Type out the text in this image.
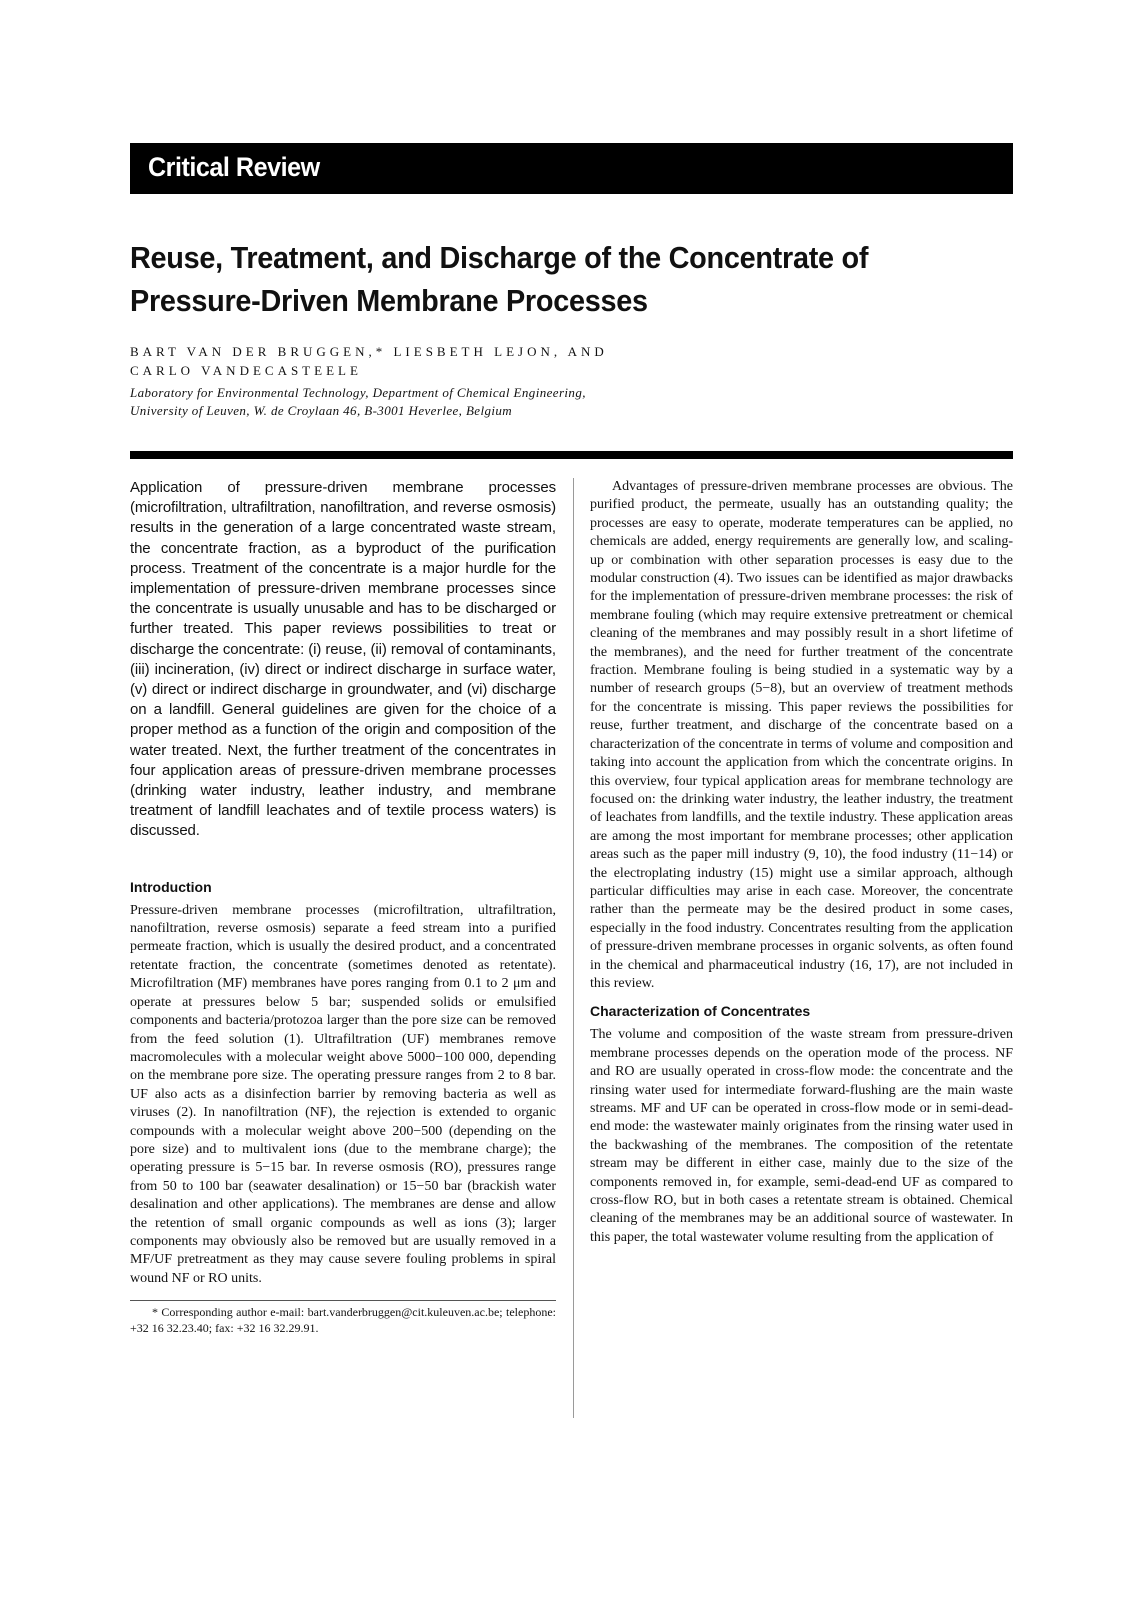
Critical Review
Reuse, Treatment, and Discharge of the Concentrate of
Pressure-Driven Membrane Processes
BART VAN DER BRUGGEN,* LIESBETH LEJON, AND
CARLO VANDECASTEELE
Laboratory for Environmental Technology, Department of Chemical Engineering,
University of Leuven, W. de Croylaan 46, B-3001 Heverlee, Belgium

Application of pressure-driven membrane processes (microfiltration, ultrafiltration, nanofiltration, and reverse osmosis) results in the generation of a large concentrated waste stream, the concentrate fraction, as a byproduct of the purification process. Treatment of the concentrate is a major hurdle for the implementation of pressure-driven membrane processes since the concentrate is usually unusable and has to be discharged or further treated. This paper reviews possibilities to treat or discharge the concentrate: (i) reuse, (ii) removal of contaminants, (iii) incineration, (iv) direct or indirect discharge in surface water, (v) direct or indirect discharge in groundwater, and (vi) discharge on a landfill. General guidelines are given for the choice of a proper method as a function of the origin and composition of the water treated. Next, the further treatment of the concentrates in four application areas of pressure-driven membrane processes (drinking water industry, leather industry, and membrane treatment of landfill leachates and of textile process waters) is discussed.

Introduction

Pressure-driven membrane processes (microfiltration, ultrafiltration, nanofiltration, reverse osmosis) separate a feed stream into a purified permeate fraction, which is usually the desired product, and a concentrated retentate fraction, the concentrate (sometimes denoted as retentate). Microfiltration (MF) membranes have pores ranging from 0.1 to 2 μm and operate at pressures below 5 bar; suspended solids or emulsified components and bacteria/protozoa larger than the pore size can be removed from the feed solution (1). Ultrafiltration (UF) membranes remove macromolecules with a molecular weight above 5000−100 000, depending on the membrane pore size. The operating pressure ranges from 2 to 8 bar. UF also acts as a disinfection barrier by removing bacteria as well as viruses (2). In nanofiltration (NF), the rejection is extended to organic compounds with a molecular weight above 200−500 (depending on the pore size) and to multivalent ions (due to the membrane charge); the operating pressure is 5−15 bar. In reverse osmosis (RO), pressures range from 50 to 100 bar (seawater desalination) or 15−50 bar (brackish water desalination and other applications). The membranes are dense and allow the retention of small organic compounds as well as ions (3); larger components may obviously also be removed but are usually removed in a MF/UF pretreatment as they may cause severe fouling problems in spiral wound NF or RO units.

* Corresponding author e-mail: bart.vanderbruggen@cit.kuleuven.ac.be; telephone: +32 16 32.23.40; fax: +32 16 32.29.91.

Advantages of pressure-driven membrane processes are obvious. The purified product, the permeate, usually has an outstanding quality; the processes are easy to operate, moderate temperatures can be applied, no chemicals are added, energy requirements are generally low, and scaling-up or combination with other separation processes is easy due to the modular construction (4). Two issues can be identified as major drawbacks for the implementation of pressure-driven membrane processes: the risk of membrane fouling (which may require extensive pretreatment or chemical cleaning of the membranes and may possibly result in a short lifetime of the membranes), and the need for further treatment of the concentrate fraction. Membrane fouling is being studied in a systematic way by a number of research groups (5−8), but an overview of treatment methods for the concentrate is missing. This paper reviews the possibilities for reuse, further treatment, and discharge of the concentrate based on a characterization of the concentrate in terms of volume and composition and taking into account the application from which the concentrate origins. In this overview, four typical application areas for membrane technology are focused on: the drinking water industry, the leather industry, the treatment of leachates from landfills, and the textile industry. These application areas are among the most important for membrane processes; other application areas such as the paper mill industry (9, 10), the food industry (11−14) or the electroplating industry (15) might use a similar approach, although particular difficulties may arise in each case. Moreover, the concentrate rather than the permeate may be the desired product in some cases, especially in the food industry. Concentrates resulting from the application of pressure-driven membrane processes in organic solvents, as often found in the chemical and pharmaceutical industry (16, 17), are not included in this review.

Characterization of Concentrates

The volume and composition of the waste stream from pressure-driven membrane processes depends on the operation mode of the process. NF and RO are usually operated in cross-flow mode: the concentrate and the rinsing water used for intermediate forward-flushing are the main waste streams. MF and UF can be operated in cross-flow mode or in semi-dead-end mode: the wastewater mainly originates from the rinsing water used in the backwashing of the membranes. The composition of the retentate stream may be different in either case, mainly due to the size of the components removed in, for example, semi-dead-end UF as compared to cross-flow RO, but in both cases a retentate stream is obtained. Chemical cleaning of the membranes may be an additional source of wastewater. In this paper, the total wastewater volume resulting from the application of
